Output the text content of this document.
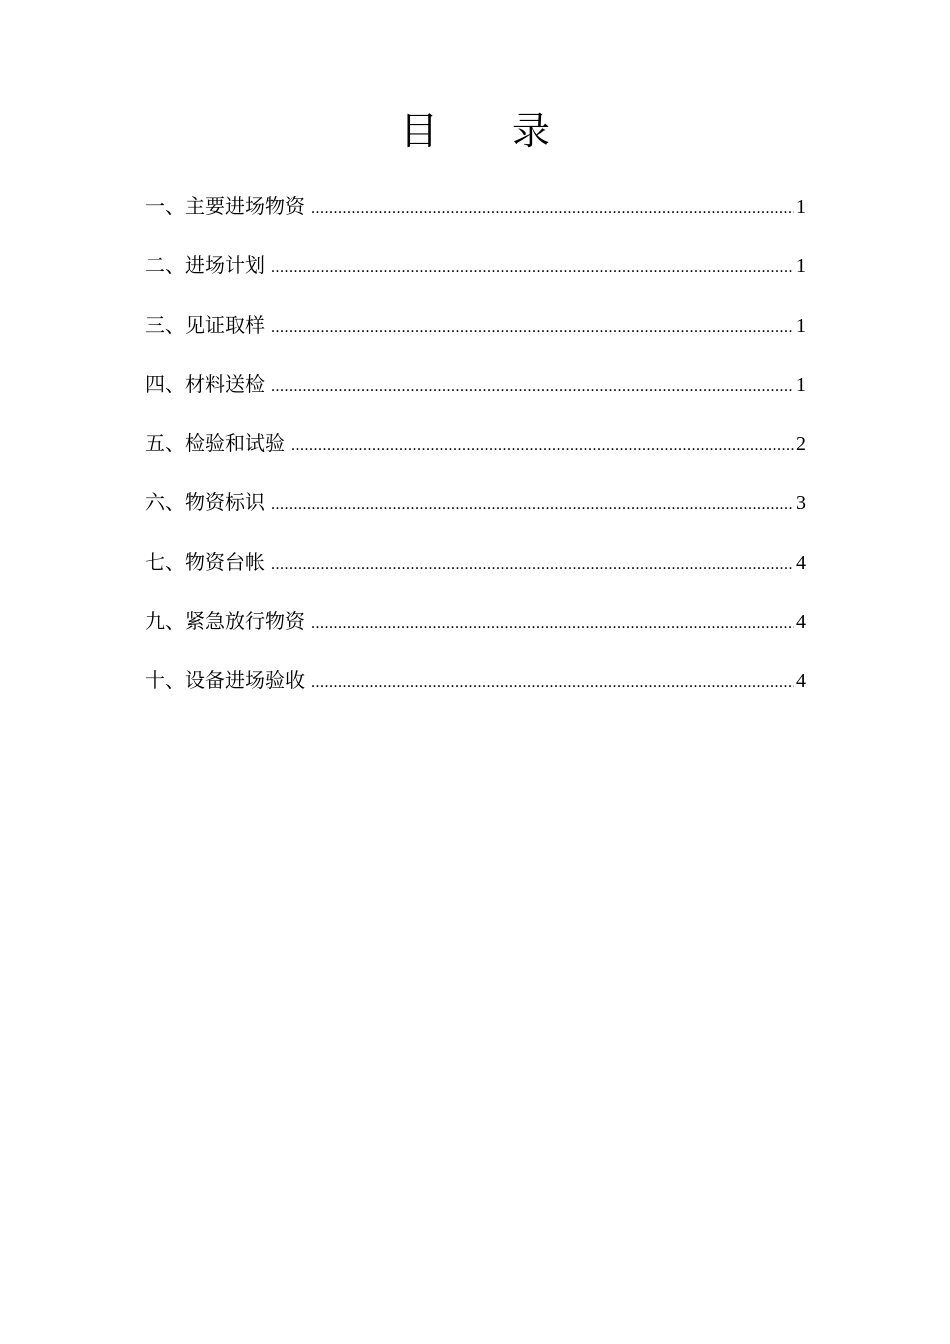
目 录
一、主要进场物资 .....	1
二、进场计划 .....	1
三、见证取样 .....	1
四、材料送检 .....	1
五、检验和试验 .....	2
六、物资标识 .....	3
七、物资台帐 .....	4
九、紧急放行物资 .....	4
十、设备进场验收 .....	4
